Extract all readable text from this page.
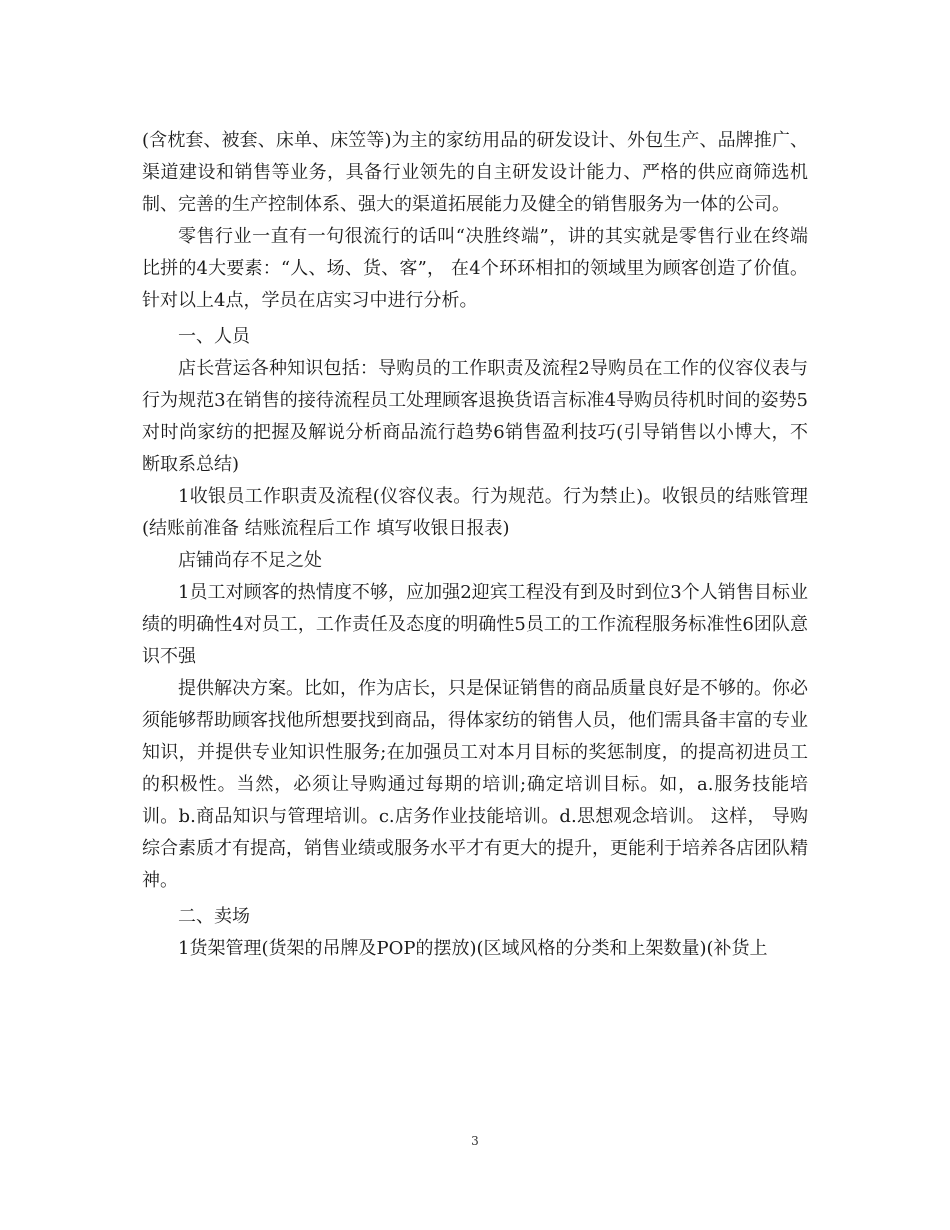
(含枕套、被套、床单、床笠等)为主的家纺用品的研发设计、外包生产、品牌推广、渠道建设和销售等业务，具备行业领先的自主研发设计能力、严格的供应商筛选机制、完善的生产控制体系、强大的渠道拓展能力及健全的销售服务为一体的公司。

零售行业一直有一句很流行的话叫“决胜终端”，讲的其实就是零售行业在终端比拼的4大要素：“人、场、货、客”， 在4个环环相扣的领域里为顾客创造了价值。针对以上4点，学员在店实习中进行分析。

一、人员

店长营运各种知识包括：导购员的工作职责及流程2导购员在工作的仪容仪表与行为规范3在销售的接待流程员工处理顾客退换货语言标准4导购员待机时间的姿势5对时尚家纺的把握及解说分析商品流行趋势6销售盈利技巧(引导销售以小博大，不断取系总结)

1收银员工作职责及流程(仪容仪表。行为规范。行为禁止)。收银员的结账管理(结账前准备 结账流程后工作 填写收银日报表)

店铺尚存不足之处

1员工对顾客的热情度不够，应加强2迎宾工程没有到及时到位3个人销售目标业绩的明确性4对员工，工作责任及态度的明确性5员工的工作流程服务标准性6团队意识不强

提供解决方案。比如，作为店长，只是保证销售的商品质量良好是不够的。你必须能够帮助顾客找他所想要找到商品，得体家纺的销售人员，他们需具备丰富的专业知识，并提供专业知识性服务;在加强员工对本月目标的奖惩制度，的提高初进员工的积极性。当然，必须让导购通过每期的培训;确定培训目标。如，a.服务技能培训。b.商品知识与管理培训。c.店务作业技能培训。d.思想观念培训。 这样， 导购综合素质才有提高，销售业绩或服务水平才有更大的提升，更能利于培养各店团队精神。

二、卖场

1货架管理(货架的吊牌及POP的摆放)(区域风格的分类和上架数量)(补货上

3
